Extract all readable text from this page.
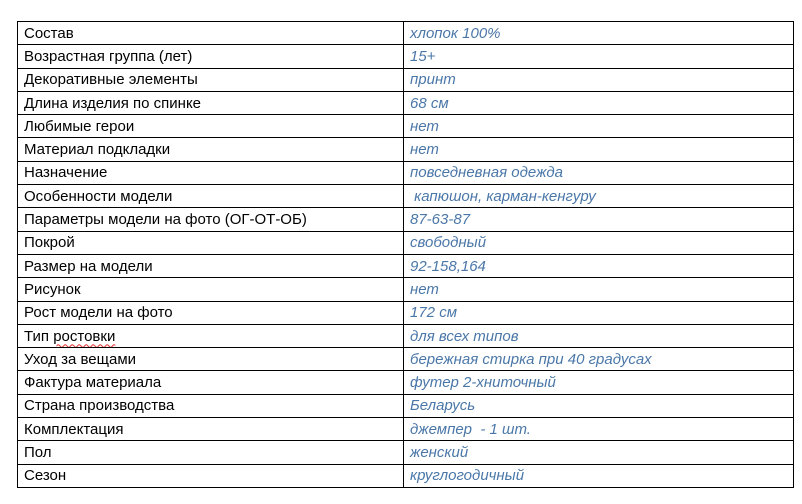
Состав	хлопок 100%
Возрастная группа (лет)	15+
Декоративные элементы	принт
Длина изделия по спинке	68 см
Любимые герои	нет
Материал подкладки	нет
Назначение	повседневная одежда
Особенности модели	капюшон, карман-кенгуру
Параметры модели на фото (ОГ-ОТ-ОБ)	87-63-87
Покрой	свободный
Размер на модели	92-158,164
Рисунок	нет
Рост модели на фото	172 см
Тип ростовки	для всех типов
Уход за вещами	бережная стирка при 40 градусах
Фактура материала	футер 2-хниточный
Страна производства	Беларусь
Комплектация	джемпер  - 1 шт.
Пол	женский
Сезон	круглогодичный
